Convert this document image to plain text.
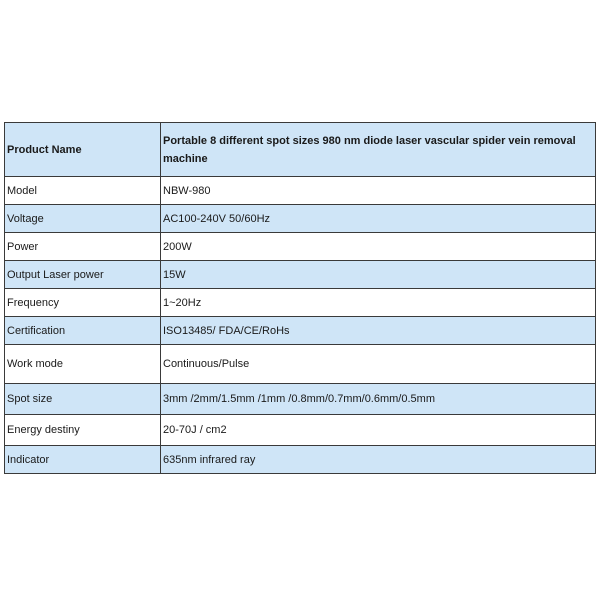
Product Name	Portable 8 different spot sizes 980 nm diode laser vascular spider vein removal machine
Model	NBW-980
Voltage	AC100-240V 50/60Hz
Power	200W
Output Laser power	15W
Frequency	1~20Hz
Certification	ISO13485/ FDA/CE/RoHs
Work mode	Continuous/Pulse
Spot size	3mm /2mm/1.5mm /1mm /0.8mm/0.7mm/0.6mm/0.5mm
Energy destiny	20-70J / cm2
Indicator	635nm infrared ray
